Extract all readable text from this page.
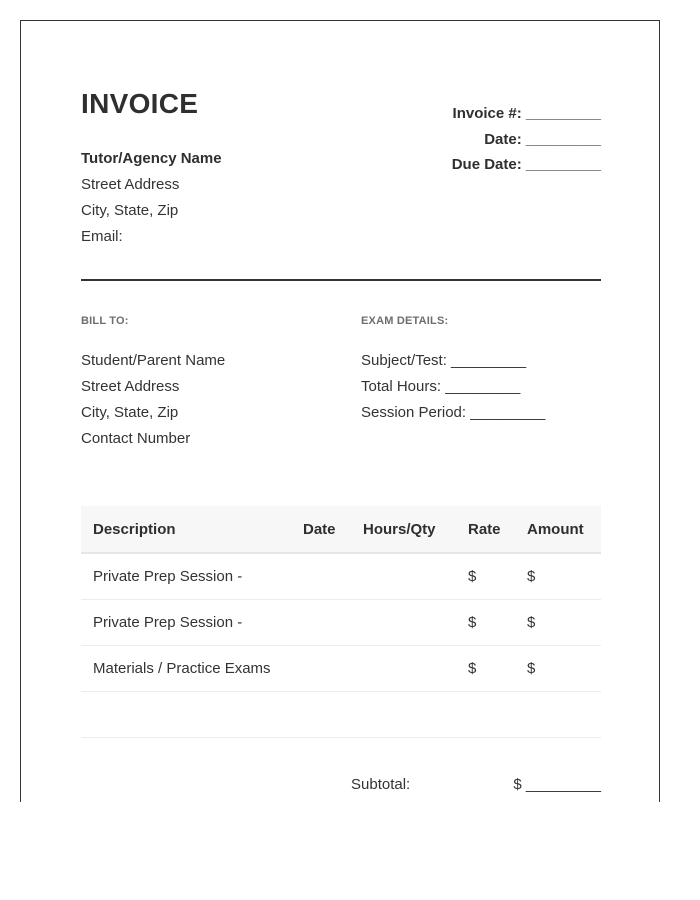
INVOICE	Invoice #: _________
Date: _________
Due Date: _________
Tutor/Agency Name
Street Address
City, State, Zip
Email:
BILL TO:	EXAM DETAILS:
Student/Parent Name
Street Address
City, State, Zip
Contact Number
Subject/Test: _________
Total Hours: _________
Session Period: _________
Description	Date	Hours/Qty	Rate	Amount
Private Prep Session -			$	$
Private Prep Session -			$	$
Materials / Practice Exams			$	$

Subtotal:	$ _________
